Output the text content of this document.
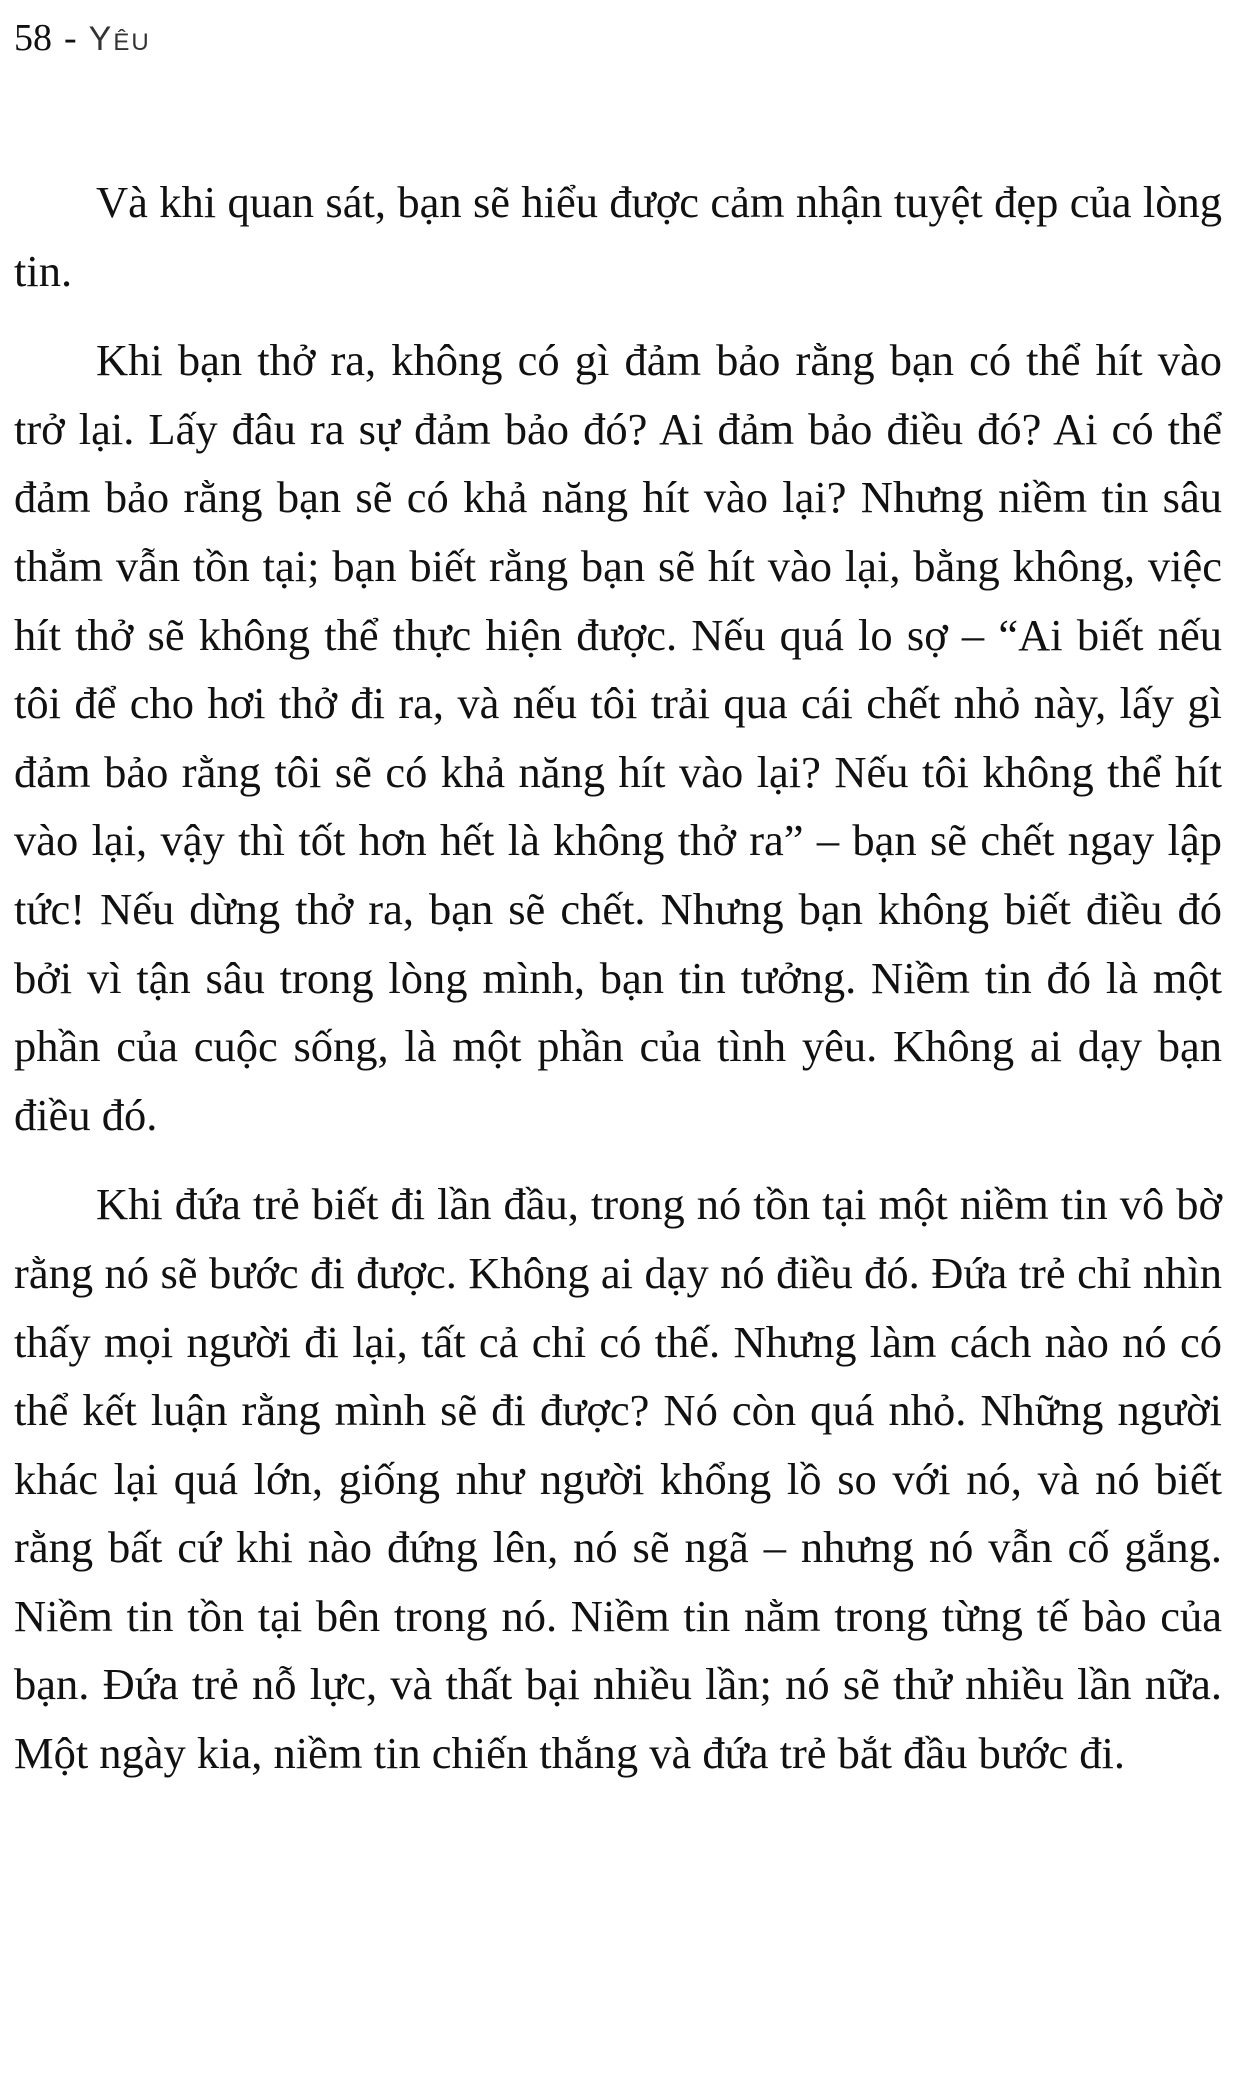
58 - Yêu

Và khi quan sát, bạn sẽ hiểu được cảm nhận tuyệt đẹp của lòng tin.

Khi bạn thở ra, không có gì đảm bảo rằng bạn có thể hít vào trở lại. Lấy đâu ra sự đảm bảo đó? Ai đảm bảo điều đó? Ai có thể đảm bảo rằng bạn sẽ có khả năng hít vào lại? Nhưng niềm tin sâu thẳm vẫn tồn tại; bạn biết rằng bạn sẽ hít vào lại, bằng không, việc hít thở sẽ không thể thực hiện được. Nếu quá lo sợ – “Ai biết nếu tôi để cho hơi thở đi ra, và nếu tôi trải qua cái chết nhỏ này, lấy gì đảm bảo rằng tôi sẽ có khả năng hít vào lại? Nếu tôi không thể hít vào lại, vậy thì tốt hơn hết là không thở ra” – bạn sẽ chết ngay lập tức! Nếu dừng thở ra, bạn sẽ chết. Nhưng bạn không biết điều đó bởi vì tận sâu trong lòng mình, bạn tin tưởng. Niềm tin đó là một phần của cuộc sống, là một phần của tình yêu. Không ai dạy bạn điều đó.

Khi đứa trẻ biết đi lần đầu, trong nó tồn tại một niềm tin vô bờ rằng nó sẽ bước đi được. Không ai dạy nó điều đó. Đứa trẻ chỉ nhìn thấy mọi người đi lại, tất cả chỉ có thế. Nhưng làm cách nào nó có thể kết luận rằng mình sẽ đi được? Nó còn quá nhỏ. Những người khác lại quá lớn, giống như người khổng lồ so với nó, và nó biết rằng bất cứ khi nào đứng lên, nó sẽ ngã – nhưng nó vẫn cố gắng. Niềm tin tồn tại bên trong nó. Niềm tin nằm trong từng tế bào của bạn. Đứa trẻ nỗ lực, và thất bại nhiều lần; nó sẽ thử nhiều lần nữa. Một ngày kia, niềm tin chiến thắng và đứa trẻ bắt đầu bước đi.
